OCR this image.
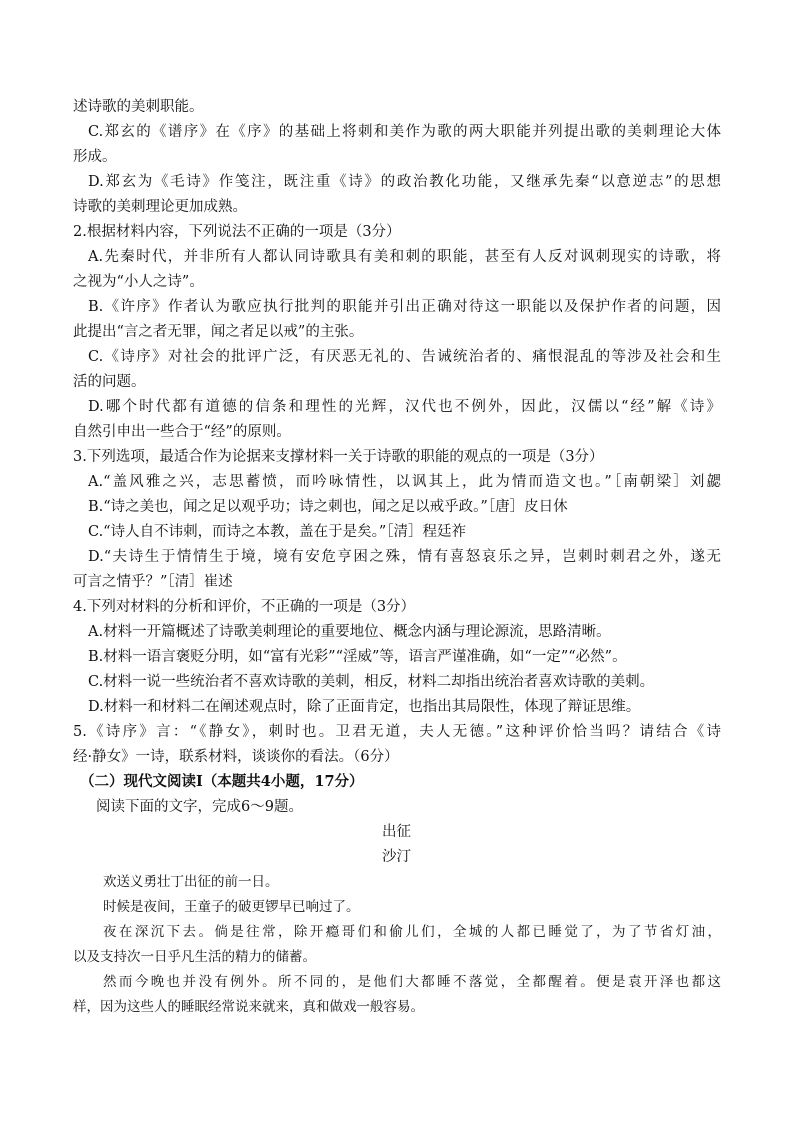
述诗歌的美刺职能。
C.郑玄的《谱序》在《序》的基础上将刺和美作为歌的两大职能并列提出歌的美刺理论大体
形成。
D.郑玄为《毛诗》作笺注，既注重《诗》的政治教化功能，又继承先秦“以意逆志”的思想
诗歌的美刺理论更加成熟。
2.根据材料内容，下列说法不正确的一项是（3分）
A.先秦时代，并非所有人都认同诗歌具有美和刺的职能，甚至有人反对讽刺现实的诗歌，将
之视为“小人之诗”。
B.《许序》作者认为歌应执行批判的职能并引出正确对待这一职能以及保护作者的问题，因
此提出“言之者无罪，闻之者足以戒”的主张。
C.《诗序》对社会的批评广泛，有厌恶无礼的、告诫统治者的、痛恨混乱的等涉及社会和生
活的问题。
D.哪个时代都有道德的信条和理性的光辉，汉代也不例外，因此，汉儒以“经”解《诗》
自然引申出一些合于“经”的原则。
3.下列选项，最适合作为论据来支撑材料一关于诗歌的职能的观点的一项是（3分）
A.“盖风雅之兴，志思蓄愤，而吟咏情性，以讽其上，此为情而造文也。”［南朝梁］刘勰
B.“诗之美也，闻之足以观乎功；诗之刺也，闻之足以戒乎政。”［唐］皮日休
C.“诗人自不讳刺，而诗之本教，盖在于是矣。”［清］程廷祚
D.“夫诗生于情情生于境，境有安危亨困之殊，情有喜怒哀乐之异，岂刺时刺君之外，遂无
可言之情乎？”［清］崔述
4.下列对材料的分析和评价，不正确的一项是（3分）
A.材料一开篇概述了诗歌美刺理论的重要地位、概念内涵与理论源流，思路清晰。
B.材料一语言褒贬分明，如“富有光彩”“淫威”等，语言严谨准确，如“一定”“必然”。
C.材料一说一些统治者不喜欢诗歌的美刺，相反，材料二却指出统治者喜欢诗歌的美刺。
D.材料一和材料二在阐述观点时，除了正面肯定，也指出其局限性，体现了辩证思维。
5.《诗序》言：“《静女》，刺时也。卫君无道，夫人无德。”这种评价恰当吗？请结合《诗
经·静女》一诗，联系材料，谈谈你的看法。（6分）
（二）现代文阅读Ⅰ（本题共4小题，17分）
阅读下面的文字，完成6～9题。
出征
沙汀
欢送义勇壮丁出征的前一日。
时候是夜间，王童子的破更锣早已响过了。
夜在深沉下去。倘是往常，除开瘾哥们和偷儿们，全城的人都已睡觉了，为了节省灯油，
以及支持次一日乎凡生活的精力的储蓄。
然而今晚也并没有例外。所不同的，是他们大都睡不落觉，全都醒着。便是袁开泽也都这
样，因为这些人的睡眠经常说来就来，真和做戏一般容易。
